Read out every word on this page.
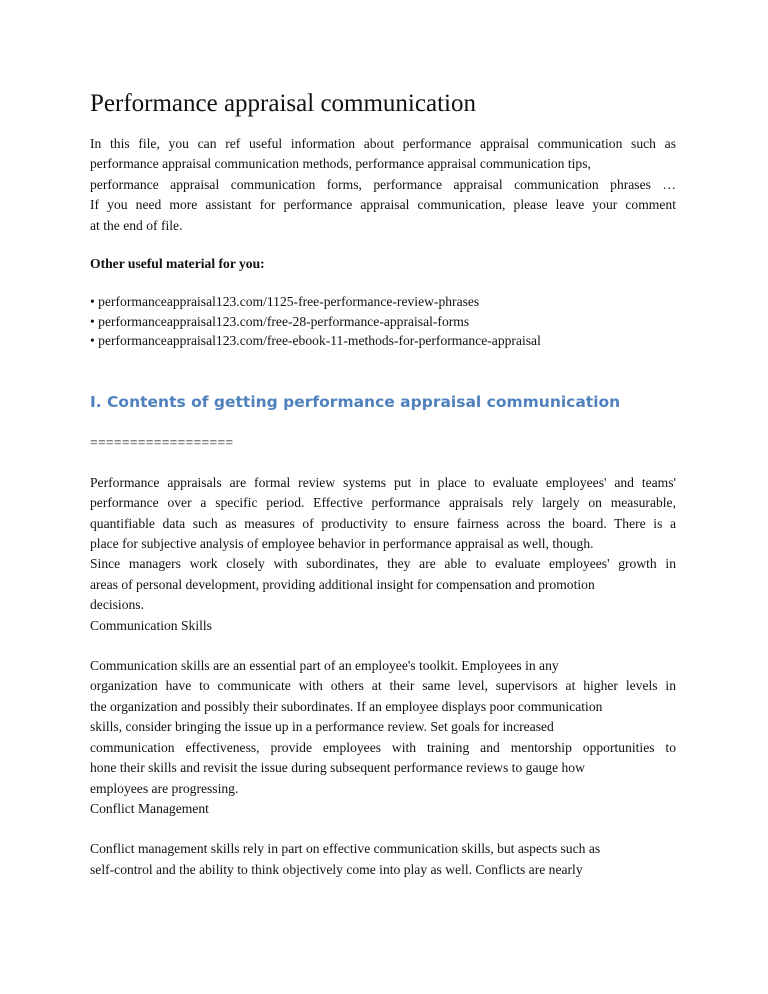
Performance appraisal communication

In this file, you can ref useful information about performance appraisal communication such as
performance appraisal communication methods, performance appraisal communication tips,
performance appraisal communication forms, performance appraisal communication phrases …
If you need more assistant for performance appraisal communication, please leave your comment
at the end of file.

Other useful material for you:

• performanceappraisal123.com/1125-free-performance-review-phrases
• performanceappraisal123.com/free-28-performance-appraisal-forms
• performanceappraisal123.com/free-ebook-11-methods-for-performance-appraisal
I. Contents of getting performance appraisal communication
==================

Performance appraisals are formal review systems put in place to evaluate employees' and teams'
performance over a specific period. Effective performance appraisals rely largely on measurable,
quantifiable data such as measures of productivity to ensure fairness across the board. There is a
place for subjective analysis of employee behavior in performance appraisal as well, though.
Since managers work closely with subordinates, they are able to evaluate employees' growth in
areas of personal development, providing additional insight for compensation and promotion
decisions.

Communication Skills

Communication skills are an essential part of an employee's toolkit. Employees in any
organization have to communicate with others at their same level, supervisors at higher levels in
the organization and possibly their subordinates. If an employee displays poor communication
skills, consider bringing the issue up in a performance review. Set goals for increased
communication effectiveness, provide employees with training and mentorship opportunities to
hone their skills and revisit the issue during subsequent performance reviews to gauge how
employees are progressing.

Conflict Management

Conflict management skills rely in part on effective communication skills, but aspects such as
self-control and the ability to think objectively come into play as well. Conflicts are nearly
